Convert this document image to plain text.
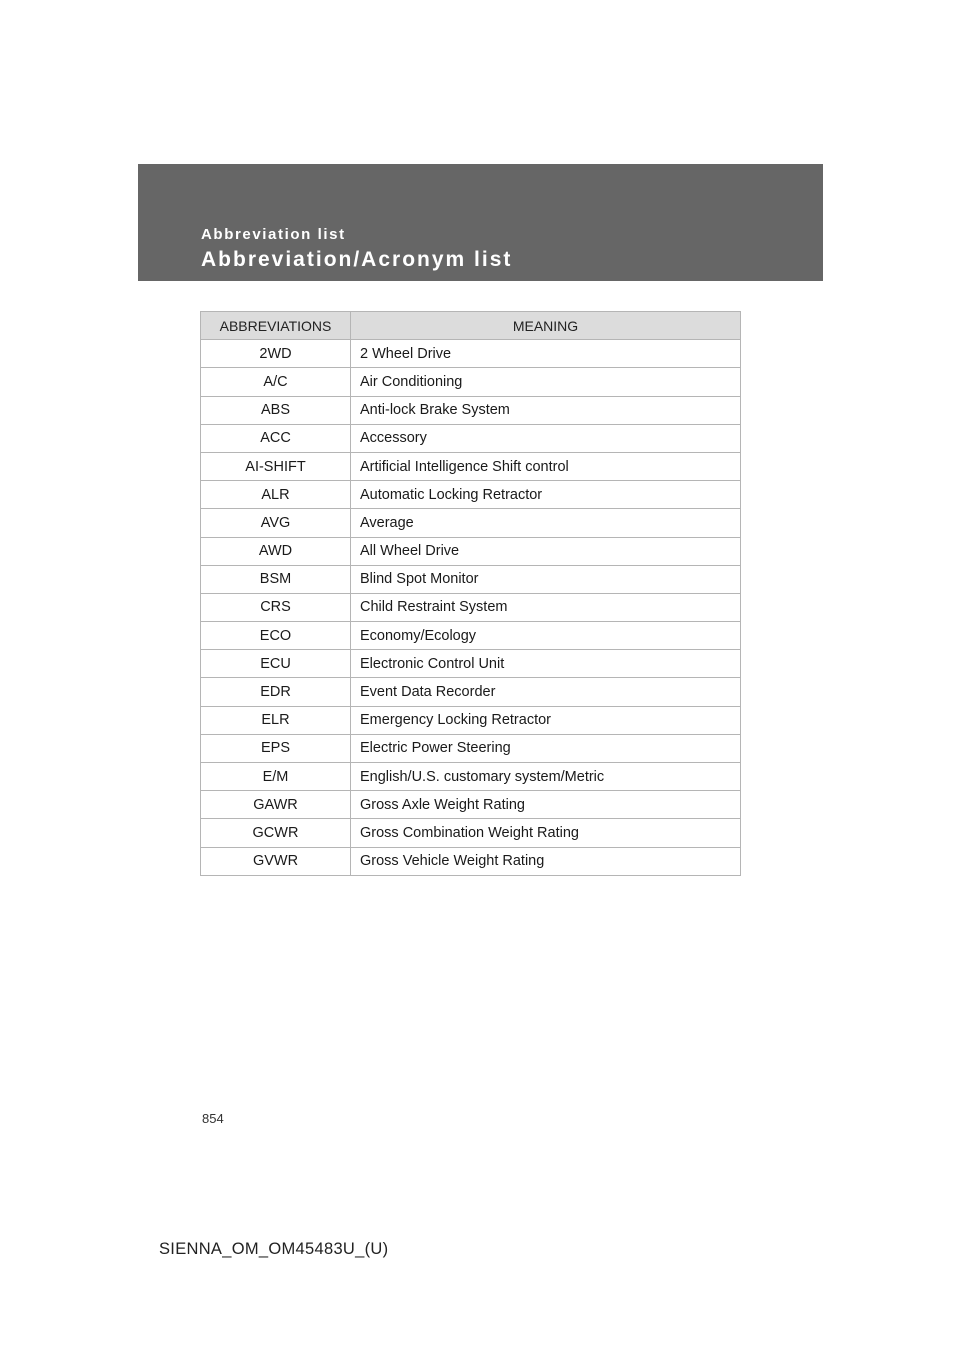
Abbreviation list
Abbreviation/Acronym list
ABBREVIATIONS	MEANING
2WD	2 Wheel Drive
A/C	Air Conditioning
ABS	Anti-lock Brake System
ACC	Accessory
AI-SHIFT	Artificial Intelligence Shift control
ALR	Automatic Locking Retractor
AVG	Average
AWD	All Wheel Drive
BSM	Blind Spot Monitor
CRS	Child Restraint System
ECO	Economy/Ecology
ECU	Electronic Control Unit
EDR	Event Data Recorder
ELR	Emergency Locking Retractor
EPS	Electric Power Steering
E/M	English/U.S. customary system/Metric
GAWR	Gross Axle Weight Rating
GCWR	Gross Combination Weight Rating
GVWR	Gross Vehicle Weight Rating
854
SIENNA_OM_OM45483U_(U)
